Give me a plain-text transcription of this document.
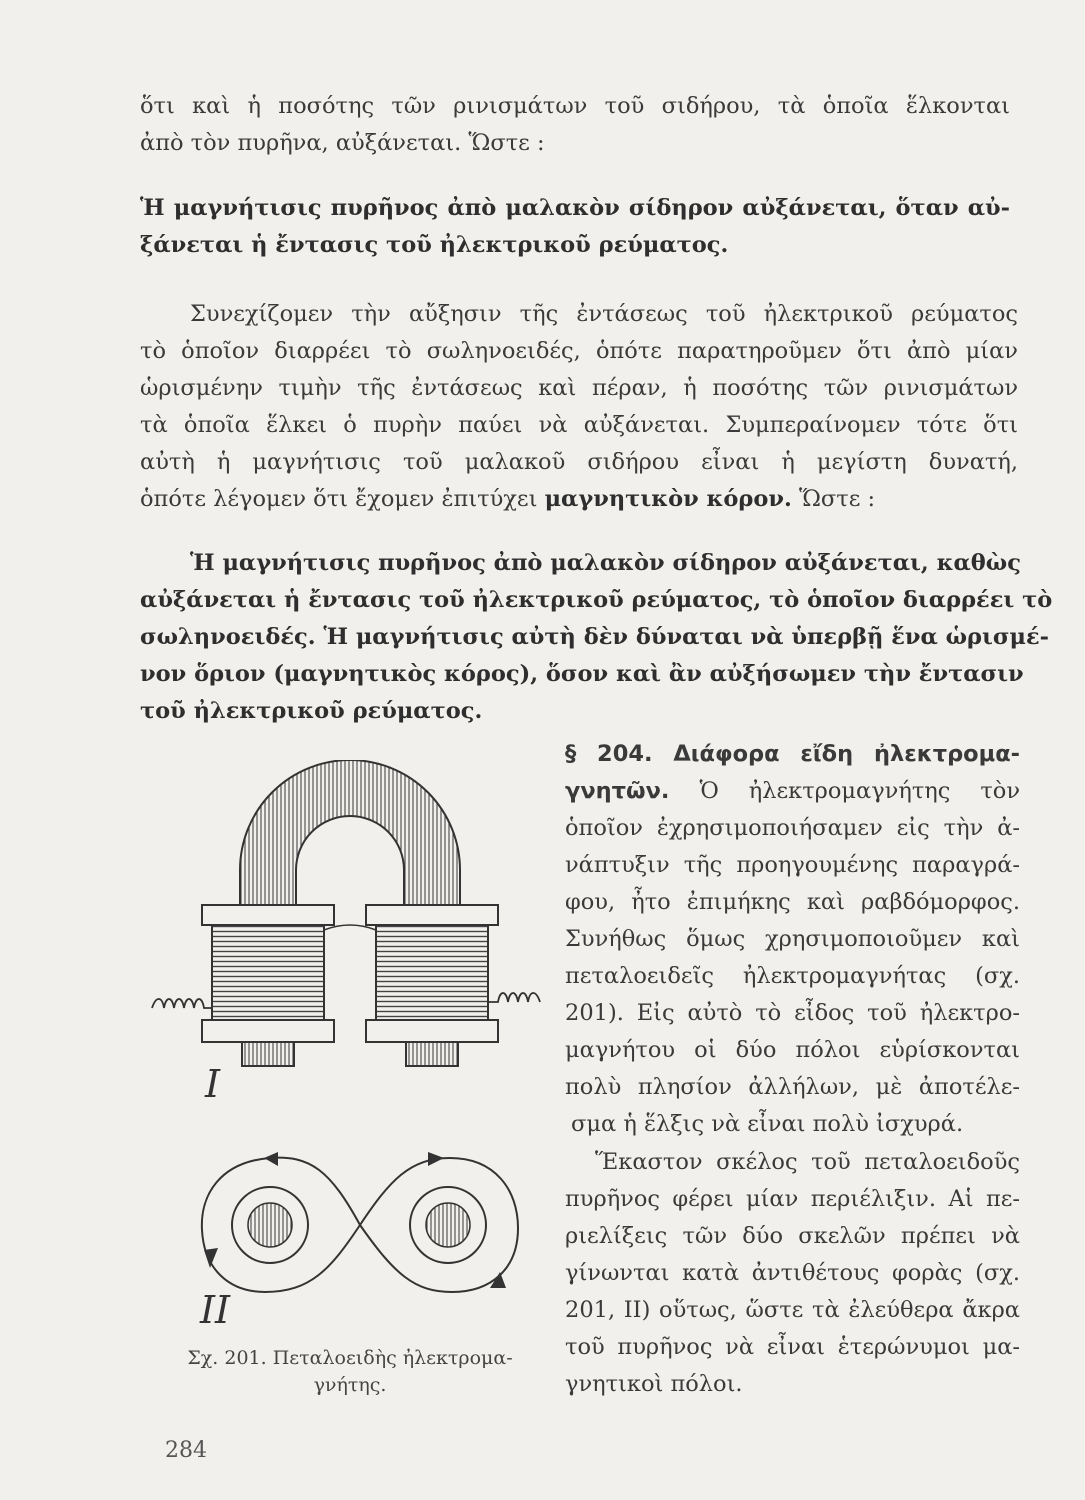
ὅτι καὶ ἡ ποσότης τῶν ρινισμάτων τοῦ σιδήρου, τὰ ὁποῖα ἕλκονται
ἀπὸ τὸν πυρῆνα, αὐξάνεται. Ὥστε :
Ἡ μαγνήτισις πυρῆνος ἀπὸ μαλακὸν σίδηρον αὐξάνεται, ὅταν αὐ-
ξάνεται ἡ ἔντασις τοῦ ἠλεκτρικοῦ ρεύματος.
Συνεχίζομεν τὴν αὔξησιν τῆς ἐντάσεως τοῦ ἠλεκτρικοῦ ρεύματος
τὸ ὁποῖον διαρρέει τὸ σωληνοειδές, ὁπότε παρατηροῦμεν ὅτι ἀπὸ μίαν
ὡρισμένην τιμὴν τῆς ἐντάσεως καὶ πέραν, ἡ ποσότης τῶν ρινισμάτων
τὰ ὁποῖα ἕλκει ὁ πυρὴν παύει νὰ αὐξάνεται. Συμπεραίνομεν τότε ὅτι
αὐτὴ ἡ μαγνήτισις τοῦ μαλακοῦ σιδήρου εἶναι ἡ μεγίστη δυνατή,
ὁπότε λέγομεν ὅτι ἔχομεν ἐπιτύχει μαγνητικὸν κόρον. Ὥστε :
Ἡ μαγνήτισις πυρῆνος ἀπὸ μαλακὸν σίδηρον αὐξάνεται, καθὼς
αὐξάνεται ἡ ἔντασις τοῦ ἠλεκτρικοῦ ρεύματος, τὸ ὁποῖον διαρρέει τὸ
σωληνοειδές. Ἡ μαγνήτισις αὐτὴ δὲν δύναται νὰ ὑπερβῇ ἕνα ὡρισμέ-
νον ὅριον (μαγνητικὸς κόρος), ὅσον καὶ ἂν αὐξήσωμεν τὴν ἔντασιν
τοῦ ἠλεκτρικοῦ ρεύματος.
§ 204. Διάφορα εἴδη ἠλεκτρομα-
γνητῶν. Ὁ ἠλεκτρομαγνήτης τὸν
ὁποῖον ἐχρησιμοποιήσαμεν εἰς τὴν ἀ-
νάπτυξιν τῆς προηγουμένης παραγρά-
φου, ἦτο ἐπιμήκης καὶ ραβδόμορφος.
Συνήθως ὅμως χρησιμοποιοῦμεν καὶ
πεταλοειδεῖς ἠλεκτρομαγνήτας (σχ.
201). Εἰς αὐτὸ τὸ εἶδος τοῦ ἠλεκτρο-
μαγνήτου οἱ δύο πόλοι εὑρίσκονται
πολὺ πλησίον ἀλλήλων, μὲ ἀποτέλε-
σμα ἡ ἕλξις νὰ εἶναι πολὺ ἰσχυρά.
Ἕκαστον σκέλος τοῦ πεταλοειδοῦς
πυρῆνος φέρει μίαν περιέλιξιν. Αἱ πε-
ριελίξεις τῶν δύο σκελῶν πρέπει νὰ
γίνωνται κατὰ ἀντιθέτους φορὰς (σχ.
201, ΙΙ) οὕτως, ὥστε τὰ ἐλεύθερα ἄκρα
τοῦ πυρῆνος νὰ εἶναι ἑτερώνυμοι μα-
γνητικοὶ πόλοι.
I
II
Σχ. 201. Πεταλοειδὴς ἠλεκτρομα-
γνήτης.
284
